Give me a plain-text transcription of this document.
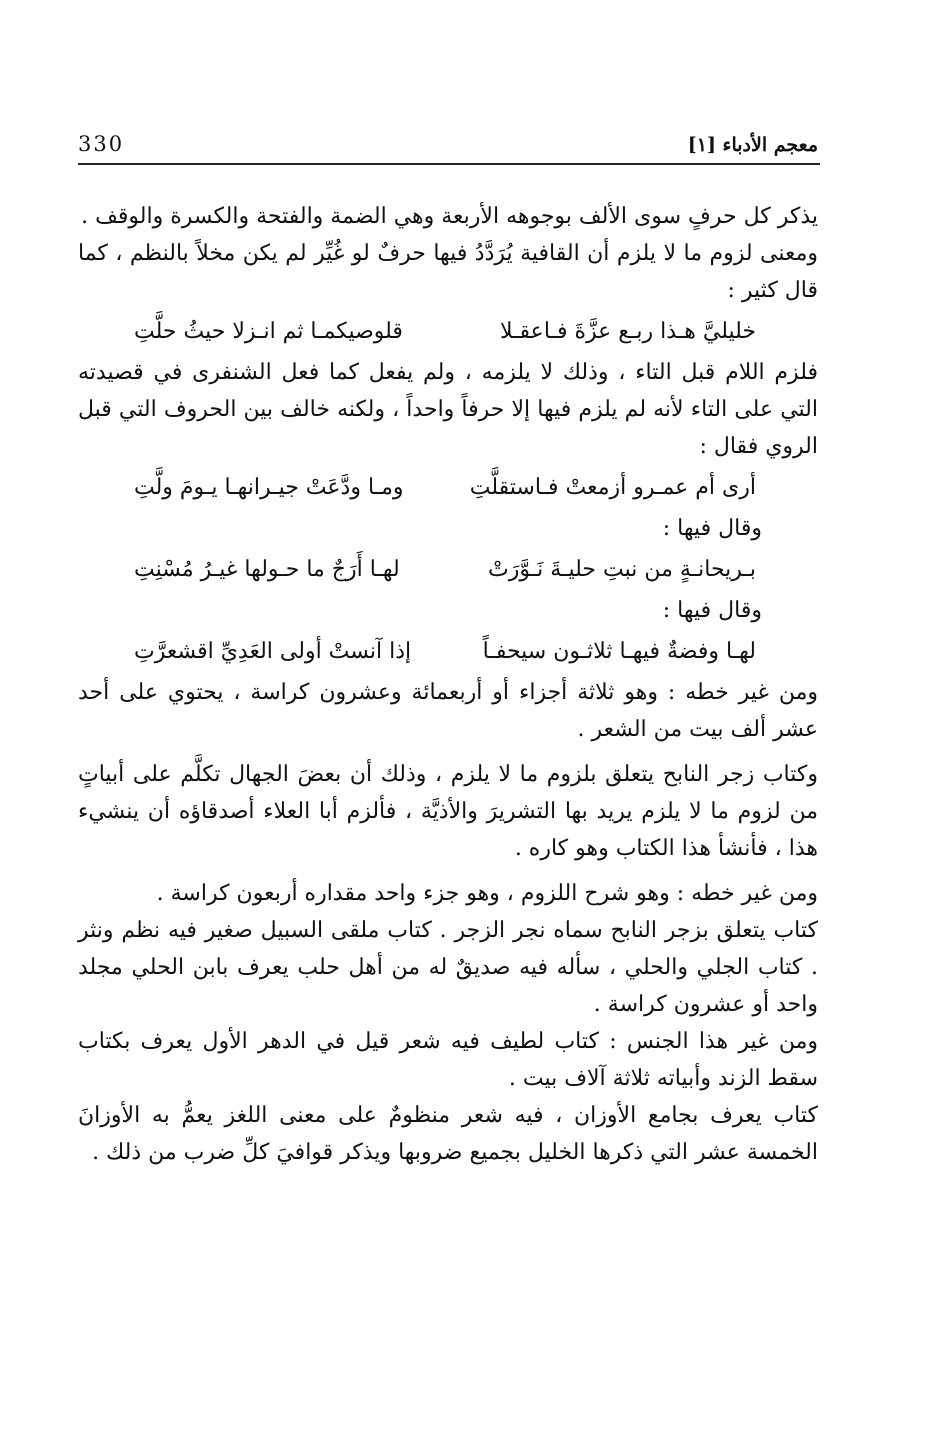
معجم الأدباء [١]
330

يذكر كل حرفٍ سوى الألف بوجوهه الأربعة وهي الضمة والفتحة والكسرة والوقف .

ومعنى لزوم ما لا يلزم أن القافية يُرَدَّدُ فيها حرفٌ لو غُيِّر لم يكن مخلاً بالنظم ، كما قال كثير :

خليليَّ هـذا ربـع عزَّةَ فـاعقـلا
قلوصيكمـا ثم انـزلا حيثُ حلَّتِ

فلزم اللام قبل التاء ، وذلك لا يلزمه ، ولم يفعل كما فعل الشنفرى في قصيدته التي على التاء لأنه لم يلزم فيها إلا حرفاً واحداً ، ولكنه خالف بين الحروف التي قبل الروي فقال :

أرى أم عمـرو أزمعتْ فـاستقلَّتِ
ومـا ودَّعَتْ جيـرانهـا يـومَ ولَّتِ

وقال فيها :

بـريحانـةٍ من نبتِ حليـةَ نَـوَّرَتْ
لهـا أَرَجٌ ما حـولها غيـرُ مُسْنِتِ

وقال فيها :

لهـا وفضةٌ فيهـا ثلاثـون سيحفـاً
إذا آنستْ أولى العَدِيِّ اقشعرَّتِ

ومن غير خطه : وهو ثلاثة أجزاء أو أربعمائة وعشرون كراسة ، يحتوي على أحد عشر ألف بيت من الشعر .

وكتاب زجر النابح يتعلق بلزوم ما لا يلزم ، وذلك أن بعضَ الجهال تكلَّم على أبياتٍ من لزوم ما لا يلزم يريد بها التشريرَ والأذيَّة ، فألزم أبا العلاء أصدقاؤه أن ينشيء هذا ، فأنشأ هذا الكتاب وهو كاره .

ومن غير خطه : وهو شرح اللزوم ، وهو جزء واحد مقداره أربعون كراسة .

كتاب يتعلق بزجر النابح سماه نجر الزجر . كتاب ملقى السبيل صغير فيه نظم ونثر . كتاب الجلي والحلي ، سأله فيه صديقٌ له من أهل حلب يعرف بابن الحلي مجلد واحد أو عشرون كراسة .

ومن غير هذا الجنس : كتاب لطيف فيه شعر قيل في الدهر الأول يعرف بكتاب سقط الزند وأبياته ثلاثة آلاف بيت .

كتاب يعرف بجامع الأوزان ، فيه شعر منظومٌ على معنى اللغز يعمُّ به الأوزانَ الخمسة عشر التي ذكرها الخليل بجميع ضروبها ويذكر قوافيَ كلِّ ضرب من ذلك .
